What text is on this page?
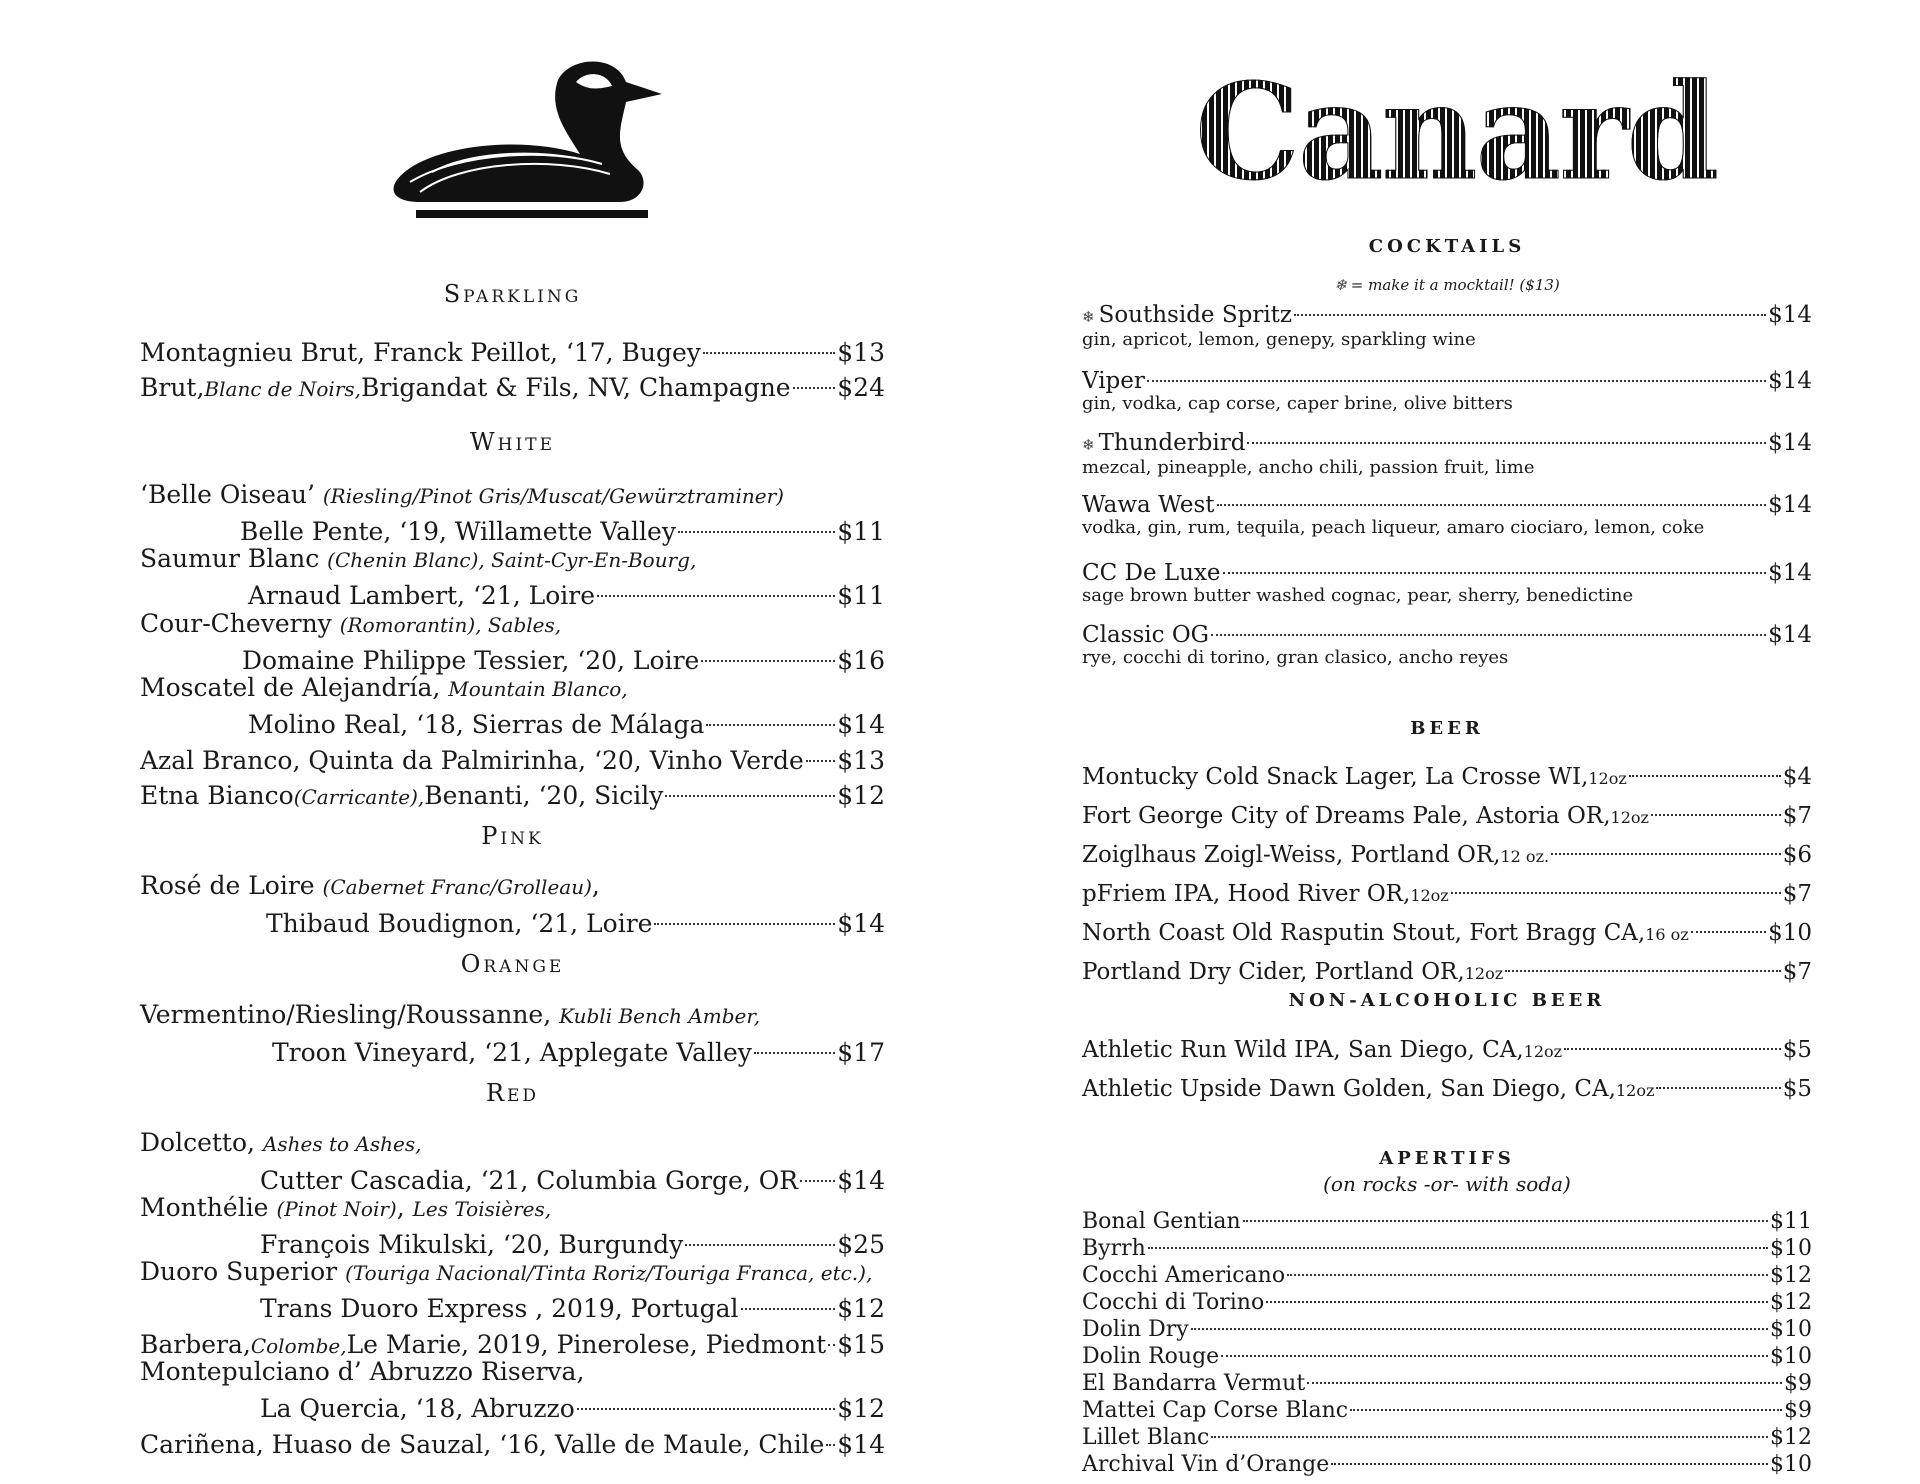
Canard
Sparkling
Montagnieu Brut, Franck Peillot, ‘17, Bugey	$13
Brut, Blanc de Noirs, Brigandat & Fils, NV, Champagne $24
White
‘Belle Oiseau’ (Riesling/Pinot Gris/Muscat/Gewürztraminer)
Belle Pente, ‘19, Willamette Valley	$11
Saumur Blanc (Chenin Blanc), Saint-Cyr-En-Bourg,
Arnaud Lambert, ‘21, Loire	$11
Cour-Cheverny (Romorantin), Sables,
Domaine Philippe Tessier, ‘20, Loire	$16
Moscatel de Alejandría, Mountain Blanco,
Molino Real, ‘18, Sierras de Málaga	$14
Azal Branco, Quinta da Palmirinha, ‘20, Vinho Verde $13
Etna Bianco (Carricante), Benanti, ‘20, Sicily	$12
Pink
Rosé de Loire (Cabernet Franc/Grolleau),
Thibaud Boudignon, ‘21, Loire	$14
Orange
Vermentino/Riesling/Roussanne, Kubli Bench Amber,
Troon Vineyard, ‘21, Applegate Valley	$17
Red
Dolcetto, Ashes to Ashes,
Cutter Cascadia, ‘21, Columbia Gorge, OR $14
Monthélie (Pinot Noir), Les Toisières,
François Mikulski, ‘20, Burgundy	$25
Duoro Superior (Touriga Nacional/Tinta Roriz/Touriga Franca, etc.),
Trans Duoro Express , 2019, Portugal	$12
Barbera, Colombe, Le Marie, 2019, Pinerolese, Piedmont $15
Montepulciano d’ Abruzzo Riserva,
La Quercia, ‘18, Abruzzo	$12
Cariñena, Huaso de Sauzal, ‘16, Valle de Maule, Chile $14
COCKTAILS
❄ = make it a mocktail! ($13)
❄ Southside Spritz	$14
gin, apricot, lemon, genepy, sparkling wine
Viper	$14
gin, vodka, cap corse, caper brine, olive bitters
❄ Thunderbird	$14
mezcal, pineapple, ancho chili, passion fruit, lime
Wawa West	$14
vodka, gin, rum, tequila, peach liqueur, amaro ciociaro, lemon, coke
CC De Luxe	$14
sage brown butter washed cognac, pear, sherry, benedictine
Classic OG	$14
rye, cocchi di torino, gran clasico, ancho reyes
BEER
Montucky Cold Snack Lager, La Crosse WI, 12oz	$4
Fort George City of Dreams Pale, Astoria OR, 12oz	$7
Zoiglhaus Zoigl-Weiss, Portland OR, 12 oz.	$6
pFriem IPA, Hood River OR, 12oz	$7
North Coast Old Rasputin Stout, Fort Bragg CA, 16 oz	$10
Portland Dry Cider, Portland OR, 12oz	$7
NON-ALCOHOLIC BEER
Athletic Run Wild IPA, San Diego, CA, 12oz	$5
Athletic Upside Dawn Golden, San Diego, CA, 12oz	$5
APERTIFS
(on rocks -or- with soda)
Bonal Gentian	$11
Byrrh	$10
Cocchi Americano	$12
Cocchi di Torino	$12
Dolin Dry	$10
Dolin Rouge	$10
El Bandarra Vermut	$9
Mattei Cap Corse Blanc	$9
Lillet Blanc	$12
Archival Vin d’Orange	$10
